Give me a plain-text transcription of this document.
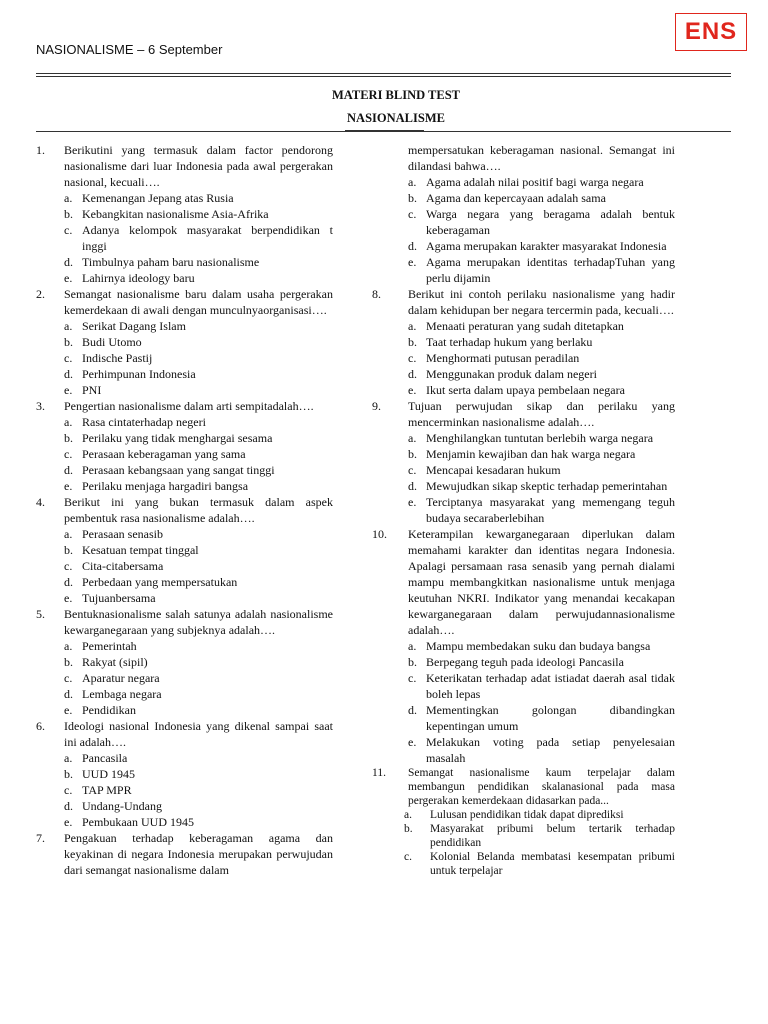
NASIONALISME – 6 September
ENS
MATERI BLIND TEST
NASIONALISME
1. Berikutini yang termasuk dalam factor pendorong nasionalisme dari luar Indonesia pada awal pergerakan nasional, kecuali….
a. Kemenangan Jepang atas Rusia
b. Kebangkitan nasionalisme Asia-Afrika
c. Adanya kelompok masyarakat berpendidikan t inggi
d. Timbulnya paham baru nasionalisme
e. Lahirnya ideology baru
2. Semangat nasionalisme baru dalam usaha pergerakan kemerdekaan di awali dengan munculnyaorganisasi….
a. Serikat Dagang Islam
b. Budi Utomo
c. Indische Pastij
d. Perhimpunan Indonesia
e. PNI
3. Pengertian nasionalisme dalam arti sempitadalah….
a. Rasa cintaterhadap negeri
b. Perilaku yang tidak menghargai sesama
c. Perasaan keberagaman yang sama
d. Perasaan kebangsaan yang sangat tinggi
e. Perilaku menjaga hargadiri bangsa
4. Berikut ini yang bukan termasuk dalam aspek pembentuk rasa nasionalisme adalah….
a. Perasaan senasib
b. Kesatuan tempat tinggal
c. Cita-citabersama
d. Perbedaan yang mempersatukan
e. Tujuanbersama
5. Bentuknasionalisme salah satunya adalah nasionalisme kewarganegaraan yang subjeknya adalah….
a. Pemerintah
b. Rakyat (sipil)
c. Aparatur negara
d. Lembaga negara
e. Pendidikan
6. Ideologi nasional Indonesia yang dikenal sampai saat ini adalah….
a. Pancasila
b. UUD 1945
c. TAP MPR
d. Undang-Undang
e. Pembukaan UUD 1945
7. Pengakuan terhadap keberagaman agama dan keyakinan di negara Indonesia merupakan perwujudan dari semangat nasionalisme dalam
mempersatukan keberagaman nasional. Semangat ini dilandasi bahwa….
a. Agama adalah nilai positif bagi warga negara
b. Agama dan kepercayaan adalah sama
c. Warga negara yang beragama adalah bentuk keberagaman
d. Agama merupakan karakter masyarakat Indonesia
e. Agama merupakan identitas terhadapTuhan yang perlu dijamin
8. Berikut ini contoh perilaku nasionalisme yang hadir dalam kehidupan ber negara tercermin pada, kecuali….
a. Menaati peraturan yang sudah ditetapkan
b. Taat terhadap hukum yang berlaku
c. Menghormati putusan peradilan
d. Menggunakan produk dalam negeri
e. Ikut serta dalam upaya pembelaan negara
9. Tujuan perwujudan sikap dan perilaku yang mencerminkan nasionalisme adalah….
a. Menghilangkan tuntutan berlebih warga negara
b. Menjamin kewajiban dan hak warga negara
c. Mencapai kesadaran hukum
d. Mewujudkan sikap skeptic terhadap pemerintahan
e. Terciptanya masyarakat yang memengang teguh budaya secaraberlebihan
10. Keterampilan kewarganegaraan diperlukan dalam memahami karakter dan identitas negara Indonesia. Apalagi persamaan rasa senasib yang pernah dialami mampu membangkitkan nasionalisme untuk menjaga keutuhan NKRI. Indikator yang menandai kecakapan kewarganegaraan dalam perwujudannasionalisme adalah….
a. Mampu membedakan suku dan budaya bangsa
b. Berpegang teguh pada ideologi Pancasila
c. Keterikatan terhadap adat istiadat daerah asal tidak boleh lepas
d. Mementingkan golongan dibandingkan kepentingan umum
e. Melakukan voting pada setiap penyelesaian masalah
11. Semangat nasionalisme kaum terpelajar dalam membangun pendidikan skalanasional pada masa pergerakan kemerdekaan didasarkan pada...
a. Lulusan pendidikan tidak dapat diprediksi
b. Masyarakat pribumi belum tertarik terhadap pendidikan
c. Kolonial Belanda membatasi kesempatan pribumi untuk terpelajar
